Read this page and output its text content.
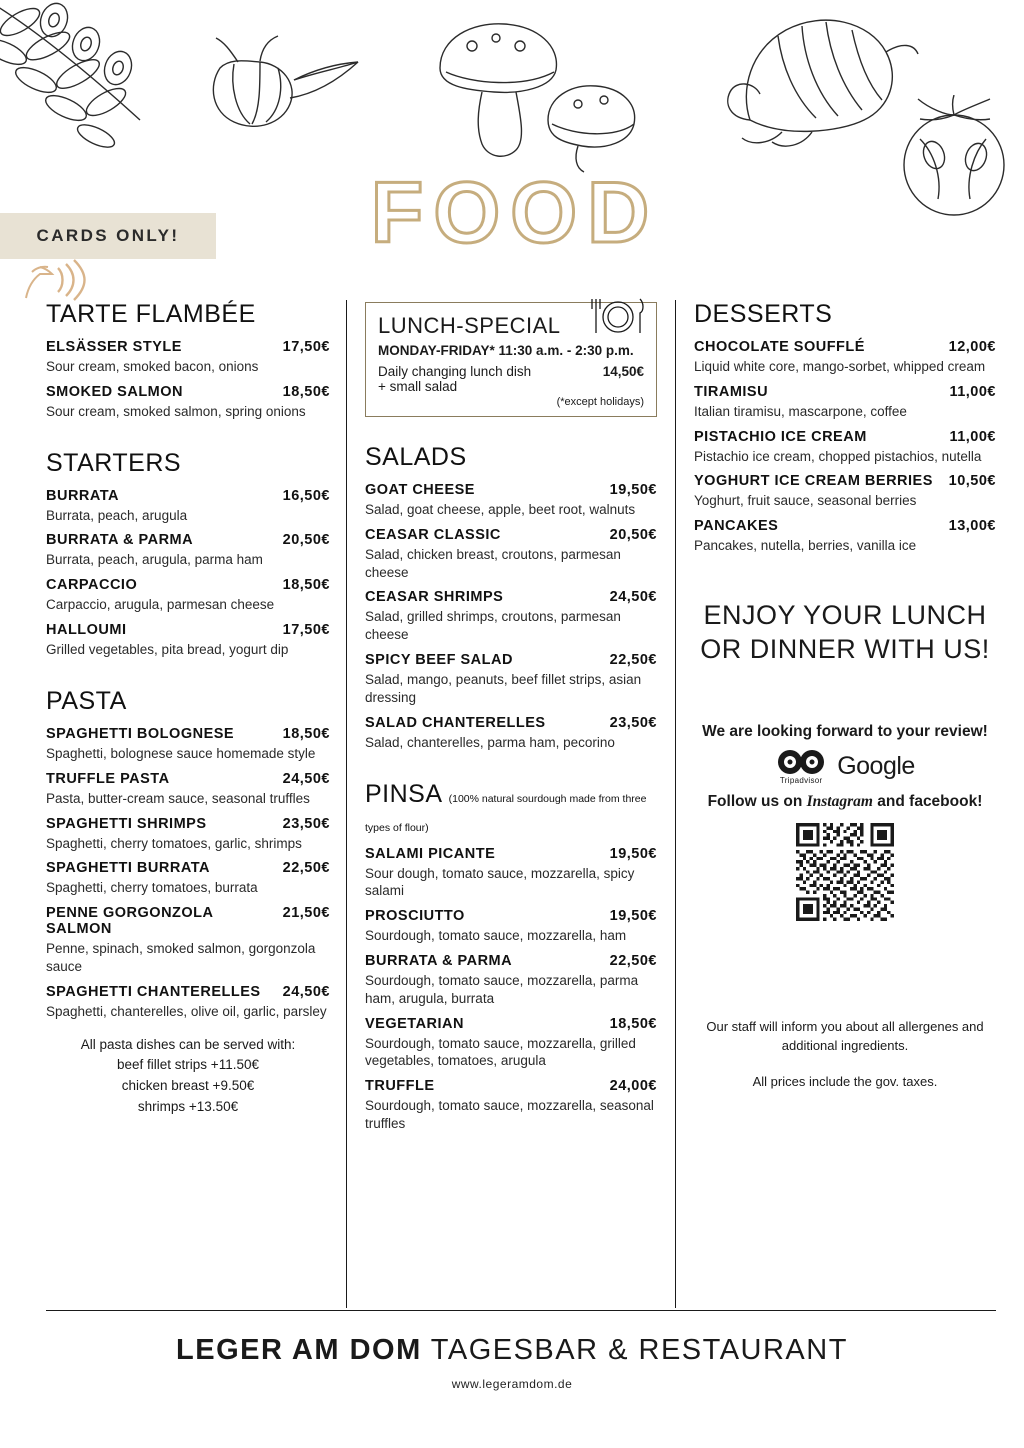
CARDS ONLY!	FOOD
TARTE FLAMBÉE
ELSÄSSER STYLE	17,50€
Sour cream, smoked bacon, onions
SMOKED SALMON	18,50€
Sour cream, smoked salmon, spring onions
STARTERS
BURRATA	16,50€
Burrata, peach, arugula
BURRATA & PARMA	20,50€
Burrata, peach, arugula, parma ham
CARPACCIO	18,50€
Carpaccio, arugula, parmesan cheese
HALLOUMI	17,50€
Grilled vegetables, pita bread, yogurt dip
PASTA
SPAGHETTI BOLOGNESE	18,50€
Spaghetti, bolognese sauce homemade style
TRUFFLE PASTA	24,50€
Pasta, butter-cream sauce, seasonal truffles
SPAGHETTI SHRIMPS	23,50€
Spaghetti, cherry tomatoes, garlic, shrimps
SPAGHETTI BURRATA	22,50€
Spaghetti, cherry tomatoes, burrata
PENNE GORGONZOLA SALMON
21,50€
Penne, spinach, smoked salmon, gorgonzola sauce
SPAGHETTI CHANTERELLES	24,50€
Spaghetti, chanterelles, olive oil, garlic, parsley
All pasta dishes can be served with:
beef fillet strips +11.50€
chicken breast +9.50€
shrimps +13.50€
LUNCH-SPECIAL
MONDAY-FRIDAY* 11:30 a.m. - 2:30 p.m.
Daily changing lunch dish	14,50€
+ small salad
(*except holidays)
SALADS
GOAT CHEESE	19,50€
Salad, goat cheese, apple, beet root, walnuts
CEASAR CLASSIC	20,50€
Salad, chicken breast, croutons, parmesan cheese
CEASAR SHRIMPS	24,50€
Salad, grilled shrimps, croutons, parmesan cheese
SPICY BEEF SALAD	22,50€
Salad, mango, peanuts, beef fillet strips, asian dressing
SALAD CHANTERELLES	23,50€
Salad, chanterelles, parma ham, pecorino
PINSA (100% natural sourdough made from three types of flour)
SALAMI PICANTE	19,50€
Sour dough, tomato sauce, mozzarella, spicy salami
PROSCIUTTO	19,50€
Sourdough, tomato sauce, mozzarella, ham
BURRATA & PARMA	22,50€
Sourdough, tomato sauce, mozzarella, parma ham, arugula, burrata
VEGETARIAN	18,50€
Sourdough, tomato sauce, mozzarella, grilled vegetables, tomatoes, arugula
TRUFFLE	24,00€
Sourdough, tomato sauce, mozzarella, seasonal truffles
DESSERTS
CHOCOLATE SOUFFLÉ	12,00€
Liquid white core, mango-sorbet, whipped cream
TIRAMISU	11,00€
Italian tiramisu, mascarpone, coffee
PISTACHIO ICE CREAM	11,00€
Pistachio ice cream, chopped pistachios, nutella
YOGHURT ICE CREAM BERRIES	10,50€
Yoghurt, fruit sauce, seasonal berries
PANCAKES	13,00€
Pancakes, nutella, berries, vanilla ice
ENJOY YOUR LUNCH
OR DINNER WITH US!
We are looking forward to your review!
Tripadvisor Google
Follow us on Instagram and facebook!

Our staff will inform you about all allergenes and additional ingredients.

All prices include the gov. taxes.

LEGER AM DOM TAGESBAR & RESTAURANT
www.legeramdom.de
